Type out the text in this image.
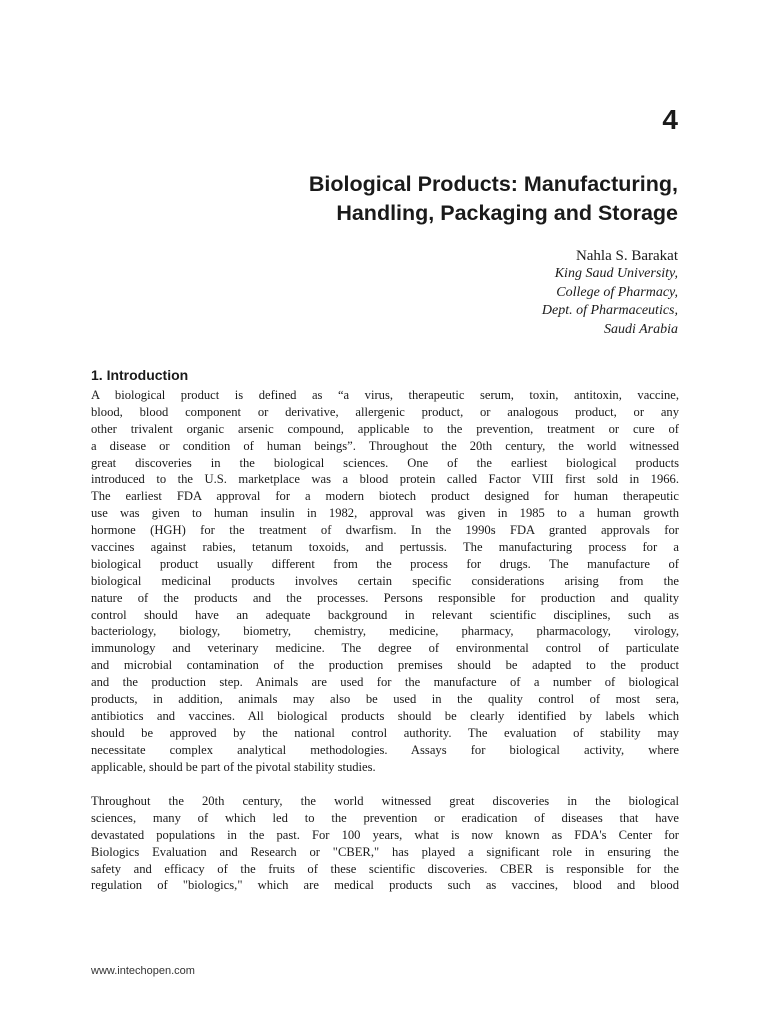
4
Biological Products: Manufacturing,
Handling, Packaging and Storage
Nahla S. Barakat
King Saud University,
College of Pharmacy,
Dept. of Pharmaceutics,
Saudi Arabia
1. Introduction
A biological product is defined as “a virus, therapeutic serum, toxin, antitoxin, vaccine,
blood, blood component or derivative, allergenic product, or analogous product, or any
other trivalent organic arsenic compound, applicable to the prevention, treatment or cure of
a disease or condition of human beings”. Throughout the 20th century, the world witnessed
great discoveries in the biological sciences. One of the earliest biological products
introduced to the U.S. marketplace was a blood protein called Factor VIII first sold in 1966.
The earliest FDA approval for a modern biotech product designed for human therapeutic
use was given to human insulin in 1982, approval was given in 1985 to a human growth
hormone (HGH) for the treatment of dwarfism. In the 1990s FDA granted approvals for
vaccines against rabies, tetanum toxoids, and pertussis. The manufacturing process for a
biological product usually different from the process for drugs. The manufacture of
biological medicinal products involves certain specific considerations arising from the
nature of the products and the processes. Persons responsible for production and quality
control should have an adequate background in relevant scientific disciplines, such as
bacteriology, biology, biometry, chemistry, medicine, pharmacy, pharmacology, virology,
immunology and veterinary medicine. The degree of environmental control of particulate
and microbial contamination of the production premises should be adapted to the product
and the production step. Animals are used for the manufacture of a number of biological
products, in addition, animals may also be used in the quality control of most sera,
antibiotics and vaccines. All biological products should be clearly identified by labels which
should be approved by the national control authority. The evaluation of stability may
necessitate complex analytical methodologies. Assays for biological activity, where
applicable, should be part of the pivotal stability studies.
Throughout the 20th century, the world witnessed great discoveries in the biological
sciences, many of which led to the prevention or eradication of diseases that have
devastated populations in the past. For 100 years, what is now known as FDA's Center for
Biologics Evaluation and Research or "CBER," has played a significant role in ensuring the
safety and efficacy of the fruits of these scientific discoveries. CBER is responsible for the
regulation of "biologics," which are medical products such as vaccines, blood and blood
www.intechopen.com
